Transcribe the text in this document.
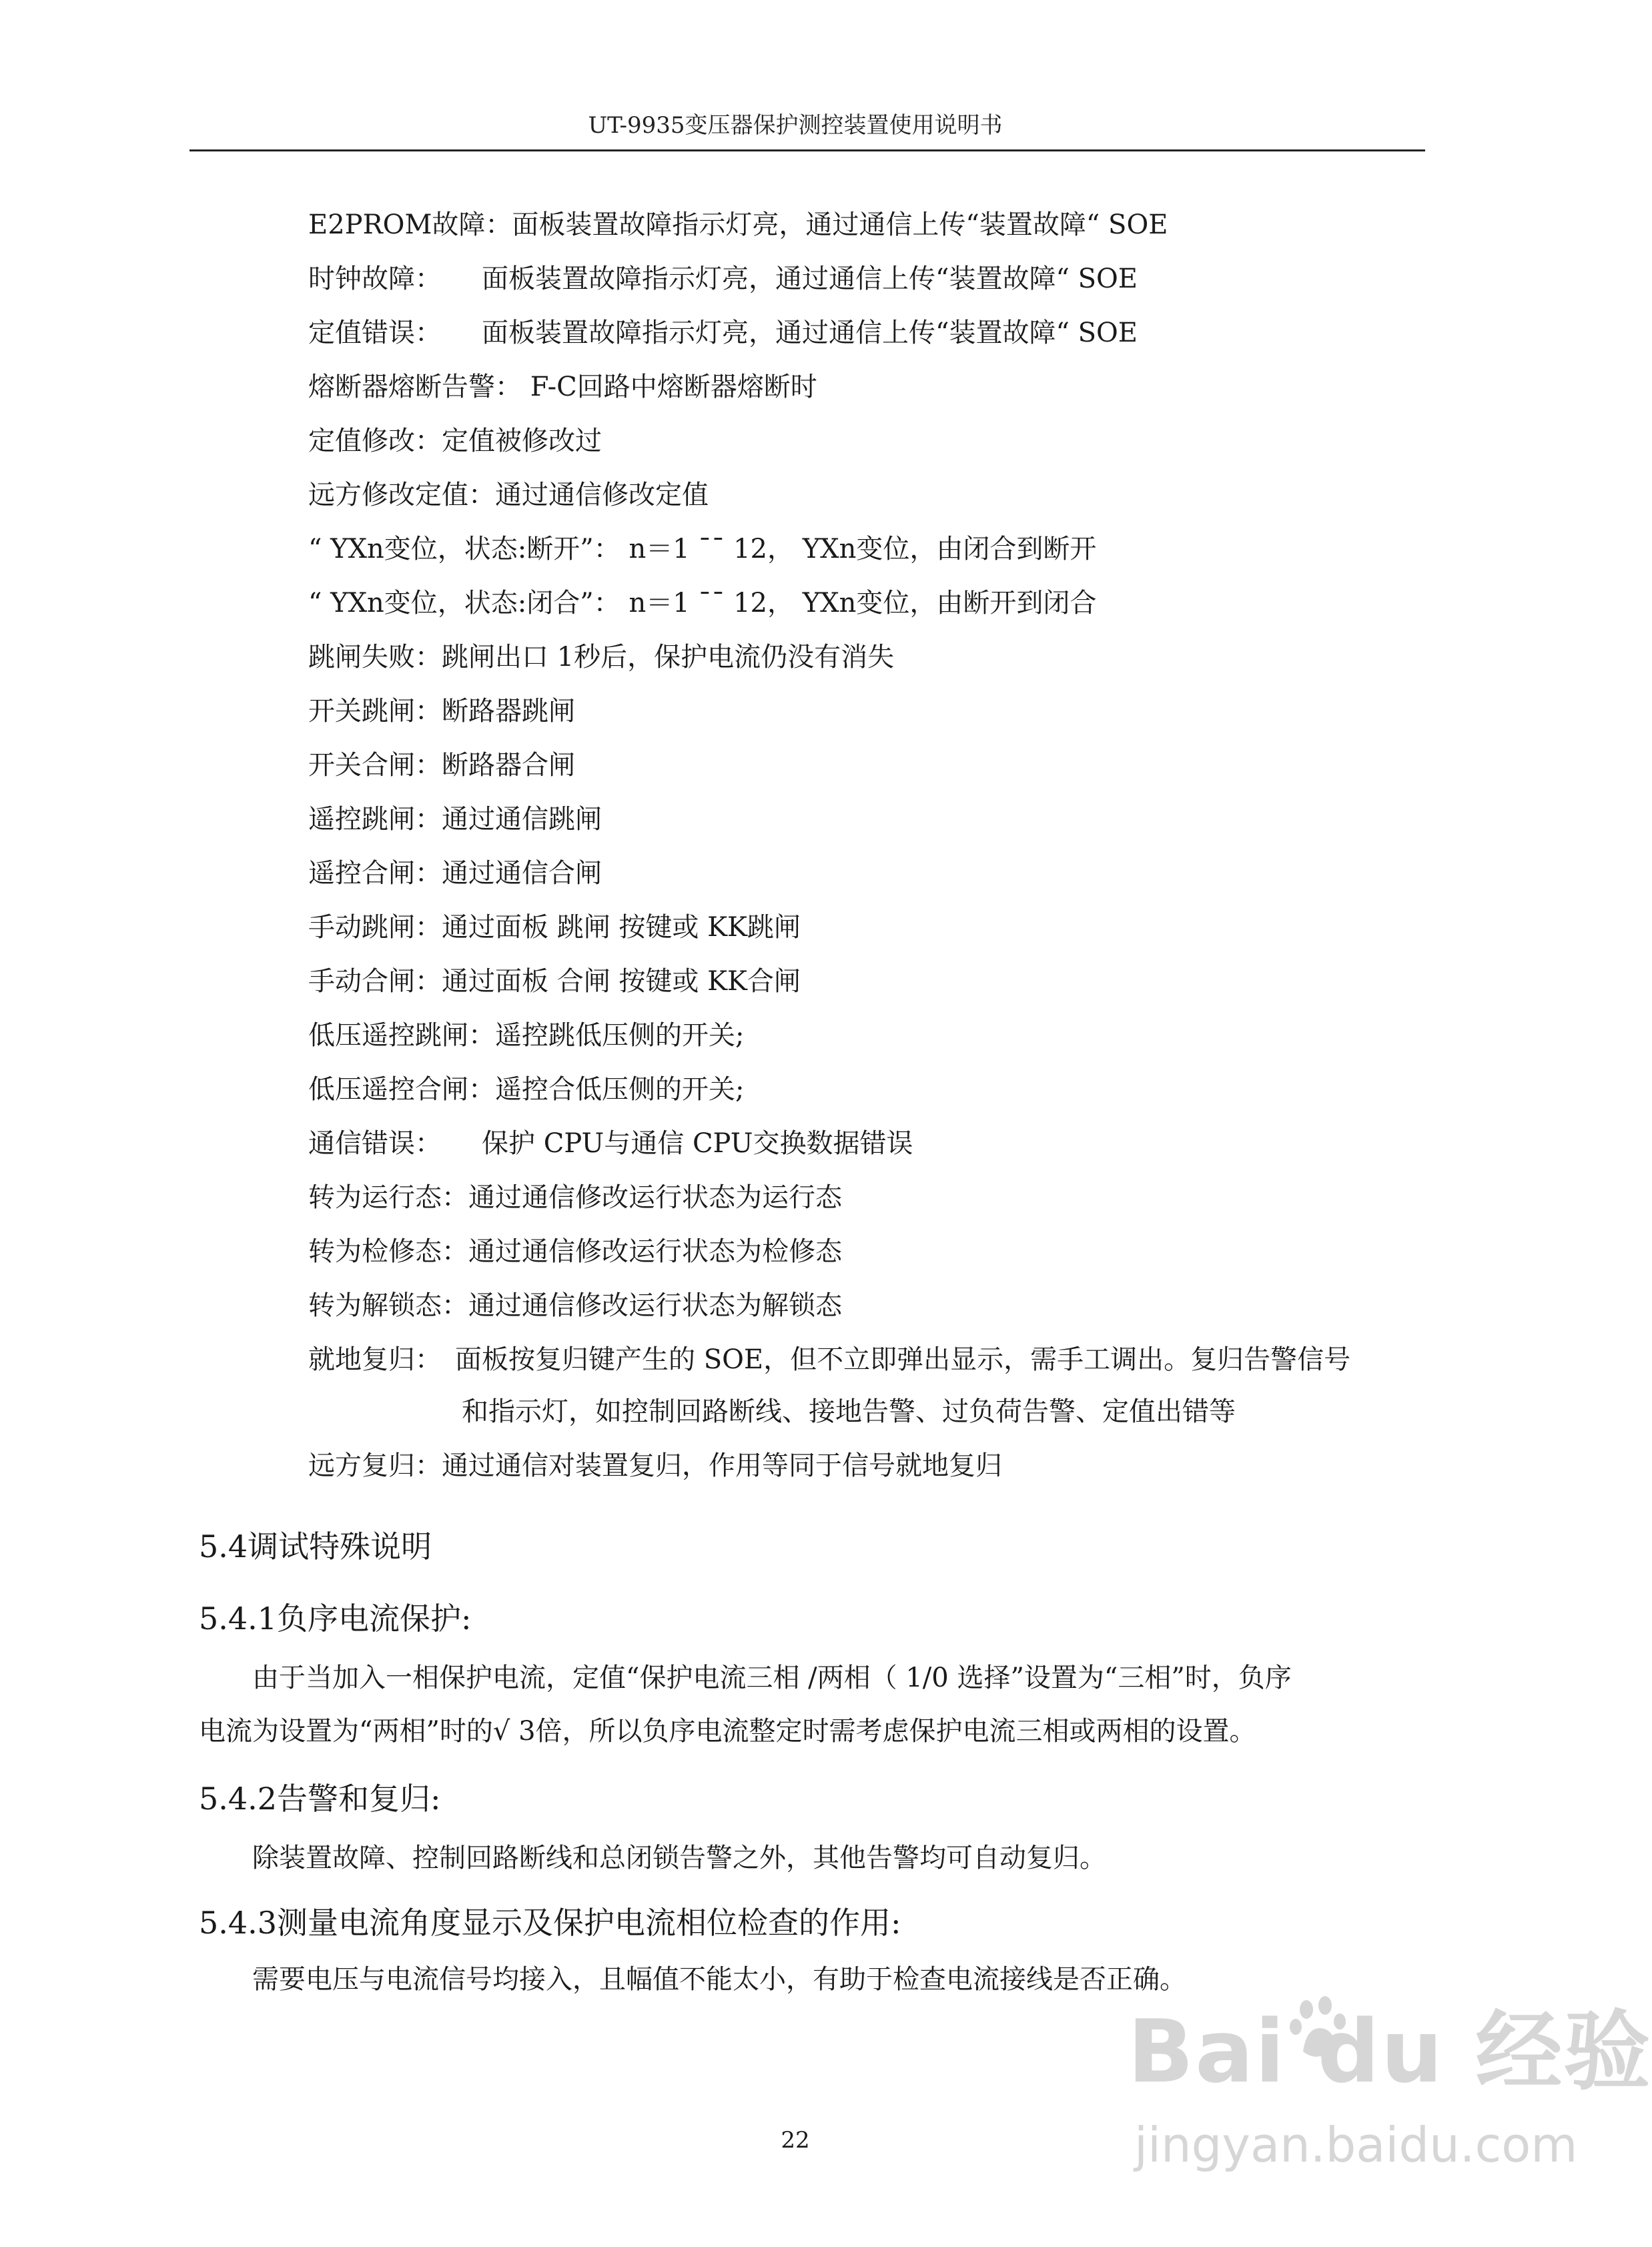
UT-9935变压器保护测控装置使用说明书
E2PROM故障：面板装置故障指示灯亮，通过通信上传“装置故障“ SOE
时钟故障：　　面板装置故障指示灯亮，通过通信上传“装置故障“ SOE
定值错误：　　面板装置故障指示灯亮，通过通信上传“装置故障“ SOE
熔断器熔断告警： F-C回路中熔断器熔断时
定值修改：定值被修改过
远方修改定值：通过通信修改定值
“ YXn变位，状态:断开”： n＝1 ¯¯ 12， YXn变位，由闭合到断开
“ YXn变位，状态:闭合”： n＝1 ¯¯ 12， YXn变位，由断开到闭合
跳闸失败：跳闸出口 1秒后，保护电流仍没有消失
开关跳闸：断路器跳闸
开关合闸：断路器合闸
遥控跳闸：通过通信跳闸
遥控合闸：通过通信合闸
手动跳闸：通过面板 跳闸 按键或 KK跳闸
手动合闸：通过面板 合闸 按键或 KK合闸
低压遥控跳闸：遥控跳低压侧的开关;
低压遥控合闸：遥控合低压侧的开关;
通信错误：　　保护 CPU与通信 CPU交换数据错误
转为运行态：通过通信修改运行状态为运行态
转为检修态：通过通信修改运行状态为检修态
转为解锁态：通过通信修改运行状态为解锁态
就地复归：　面板按复归键产生的 SOE，但不立即弹出显示，需手工调出。复归告警信号
和指示灯，如控制回路断线、接地告警、过负荷告警、定值出错等
远方复归：通过通信对装置复归，作用等同于信号就地复归
5.4调试特殊说明
5.4.1负序电流保护:
由于当加入一相保护电流，定值“保护电流三相 /两相（ 1/0 选择”设置为“三相”时，负序
电流为设置为“两相”时的√ 3倍，所以负序电流整定时需考虑保护电流三相或两相的设置。
5.4.2告警和复归:
除装置故障、控制回路断线和总闭锁告警之外，其他告警均可自动复归。
5.4.3测量电流角度显示及保护电流相位检查的作用:
需要电压与电流信号均接入，且幅值不能太小，有助于检查电流接线是否正确。
22
Bai du 经验
jingyan.baidu.com
